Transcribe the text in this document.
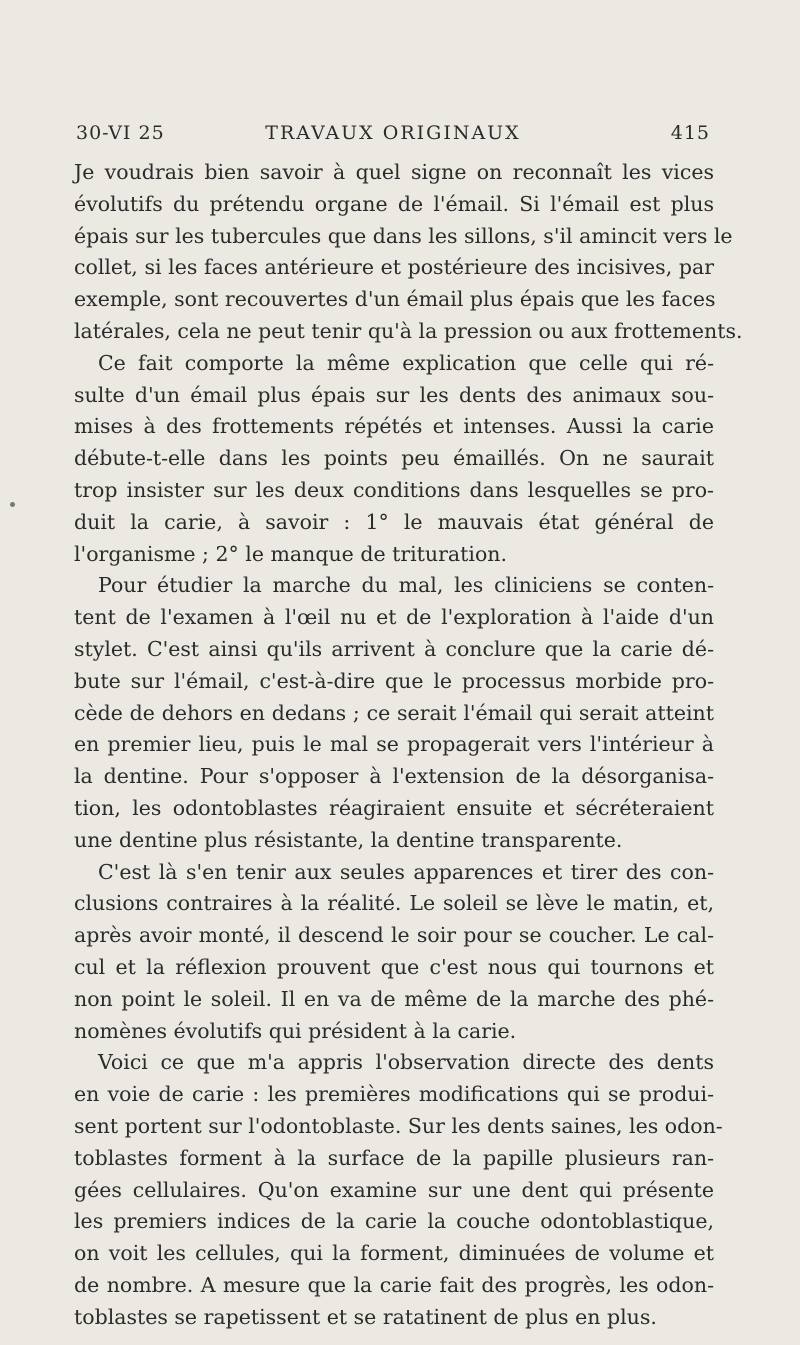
30-VI 25	TRAVAUX ORIGINAUX	415
Je voudrais bien savoir à quel signe on reconnaît les vices
évolutifs du prétendu organe de l'émail. Si l'émail est plus
épais sur les tubercules que dans les sillons, s'il amincit vers le
collet, si les faces antérieure et postérieure des incisives, par
exemple, sont recouvertes d'un émail plus épais que les faces
latérales, cela ne peut tenir qu'à la pression ou aux frottements.
Ce fait comporte la même explication que celle qui ré-
sulte d'un émail plus épais sur les dents des animaux sou-
mises à des frottements répétés et intenses. Aussi la carie
débute-t-elle dans les points peu émaillés. On ne saurait
trop insister sur les deux conditions dans lesquelles se pro-
duit la carie, à savoir : 1° le mauvais état général de
l'organisme ; 2° le manque de trituration.
Pour étudier la marche du mal, les cliniciens se conten-
tent de l'examen à l'œil nu et de l'exploration à l'aide d'un
stylet. C'est ainsi qu'ils arrivent à conclure que la carie dé-
bute sur l'émail, c'est-à-dire que le processus morbide pro-
cède de dehors en dedans ; ce serait l'émail qui serait atteint
en premier lieu, puis le mal se propagerait vers l'intérieur à
la dentine. Pour s'opposer à l'extension de la désorganisa-
tion, les odontoblastes réagiraient ensuite et sécréteraient
une dentine plus résistante, la dentine transparente.
C'est là s'en tenir aux seules apparences et tirer des con-
clusions contraires à la réalité. Le soleil se lève le matin, et,
après avoir monté, il descend le soir pour se coucher. Le cal-
cul et la réflexion prouvent que c'est nous qui tournons et
non point le soleil. Il en va de même de la marche des phé-
nomènes évolutifs qui président à la carie.
Voici ce que m'a appris l'observation directe des dents
en voie de carie : les premières modifications qui se produi-
sent portent sur l'odontoblaste. Sur les dents saines, les odon-
toblastes forment à la surface de la papille plusieurs ran-
gées cellulaires. Qu'on examine sur une dent qui présente
les premiers indices de la carie la couche odontoblastique,
on voit les cellules, qui la forment, diminuées de volume et
de nombre. A mesure que la carie fait des progrès, les odon-
toblastes se rapetissent et se ratatinent de plus en plus.
